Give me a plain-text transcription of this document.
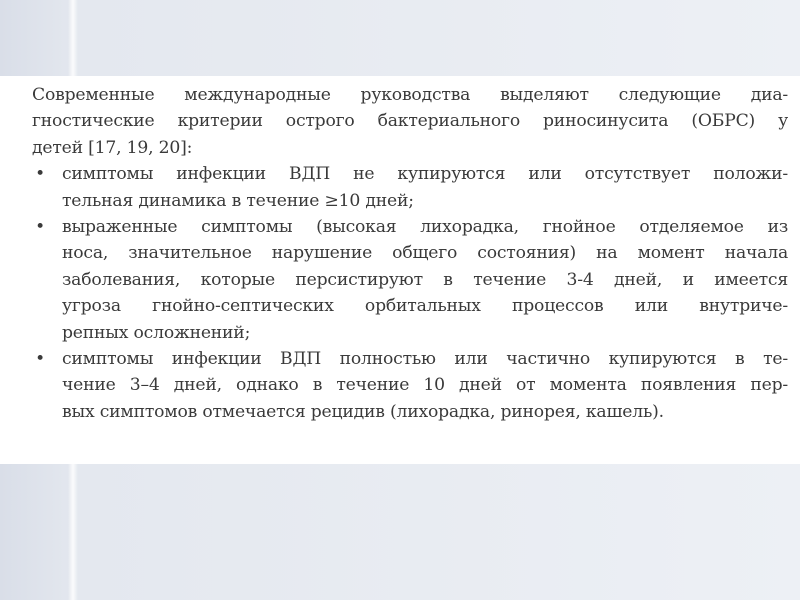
Современные международные руководства выделяют следующие диа-
гностические критерии острого бактериального риносинусита (ОБРС) у
детей [17, 19, 20]:
• симптомы инфекции ВДП не купируются или отсутствует положи-
тельная динамика в течение ≥10 дней;
• выраженные симптомы (высокая лихорадка, гнойное отделяемое из
носа, значительное нарушение общего состояния) на момент начала
заболевания, которые персистируют в течение 3-4 дней, и имеется
угроза гнойно-септических орбитальных процессов или внутриче-
репных осложнений;
• симптомы инфекции ВДП полностью или частично купируются в те-
чение 3–4 дней, однако в течение 10 дней от момента появления пер-
вых симптомов отмечается рецидив (лихорадка, ринорея, кашель).
